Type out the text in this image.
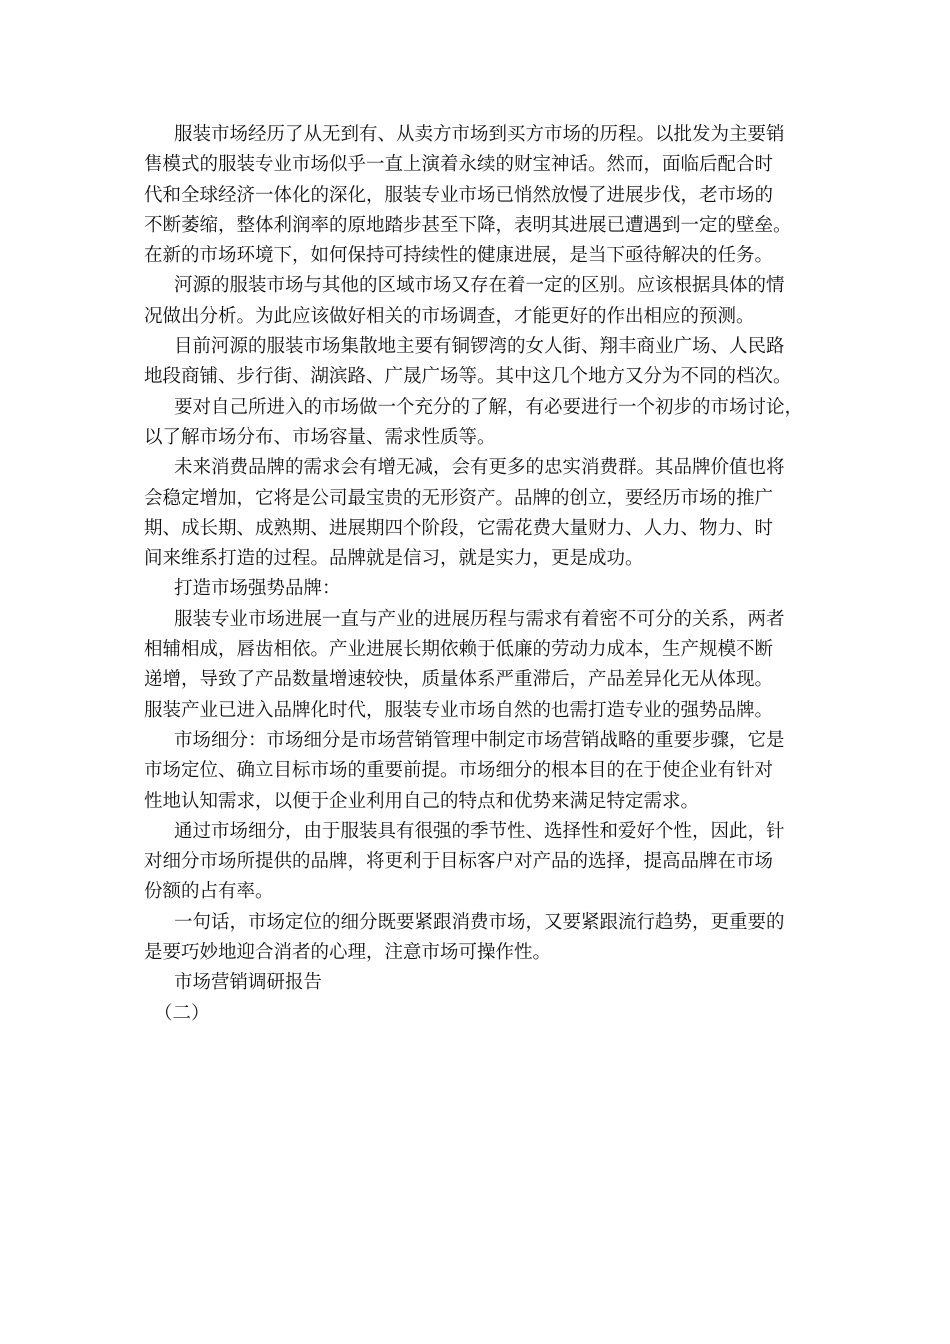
服装市场经历了从无到有、从卖方市场到买方市场的历程。以批发为主要销
售模式的服装专业市场似乎一直上演着永续的财宝神话。然而，面临后配合时
代和全球经济一体化的深化，服装专业市场已悄然放慢了进展步伐，老市场的
不断萎缩，整体利润率的原地踏步甚至下降，表明其进展已遭遇到一定的壁垒。
在新的市场环境下，如何保持可持续性的健康进展，是当下亟待解决的任务。
河源的服装市场与其他的区域市场又存在着一定的区别。应该根据具体的情
况做出分析。为此应该做好相关的市场调查，才能更好的作出相应的预测。
目前河源的服装市场集散地主要有铜锣湾的女人街、翔丰商业广场、人民路
地段商铺、步行街、湖滨路、广晟广场等。其中这几个地方又分为不同的档次。
要对自己所进入的市场做一个充分的了解，有必要进行一个初步的市场讨论，
以了解市场分布、市场容量、需求性质等。
未来消费品牌的需求会有增无减，会有更多的忠实消费群。其品牌价值也将
会稳定增加，它将是公司最宝贵的无形资产。品牌的创立，要经历市场的推广
期、成长期、成熟期、进展期四个阶段，它需花费大量财力、人力、物力、时
间来维系打造的过程。品牌就是信习，就是实力，更是成功。
打造市场强势品牌：
服装专业市场进展一直与产业的进展历程与需求有着密不可分的关系，两者
相辅相成，唇齿相依。产业进展长期依赖于低廉的劳动力成本，生产规模不断
递增，导致了产品数量增速较快，质量体系严重滞后，产品差异化无从体现。
服装产业已进入品牌化时代，服装专业市场自然的也需打造专业的强势品牌。
市场细分：市场细分是市场营销管理中制定市场营销战略的重要步骤，它是
市场定位、确立目标市场的重要前提。市场细分的根本目的在于使企业有针对
性地认知需求，以便于企业利用自己的特点和优势来满足特定需求。
通过市场细分，由于服装具有很强的季节性、选择性和爱好个性，因此，针
对细分市场所提供的品牌，将更利于目标客户对产品的选择，提高品牌在市场
份额的占有率。
一句话，市场定位的细分既要紧跟消费市场，又要紧跟流行趋势，更重要的
是要巧妙地迎合消者的心理，注意市场可操作性。
市场营销调研报告
（二）
